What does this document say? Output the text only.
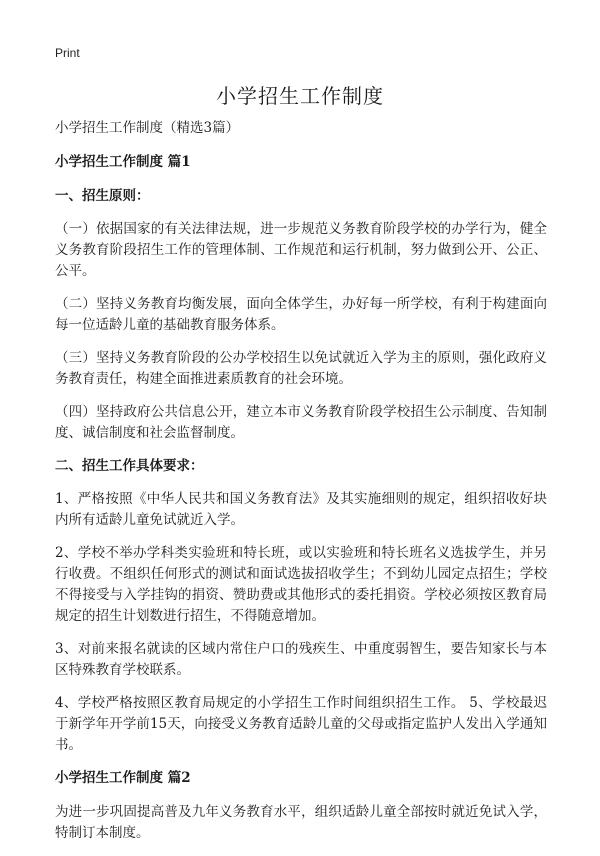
Print
小学招生工作制度

小学招生工作制度（精选3篇）

小学招生工作制度 篇1

一、招生原则：

（一）依据国家的有关法律法规，进一步规范义务教育阶段学校的办学行为，健全义务教育阶段招生工作的管理体制、工作规范和运行机制，努力做到公开、公正、公平。

（二）坚持义务教育均衡发展，面向全体学生，办好每一所学校，有利于构建面向每一位适龄儿童的基础教育服务体系。

（三）坚持义务教育阶段的公办学校招生以免试就近入学为主的原则，强化政府义务教育责任，构建全面推进素质教育的社会环境。

（四）坚持政府公共信息公开，建立本市义务教育阶段学校招生公示制度、告知制度、诚信制度和社会监督制度。

二、招生工作具体要求：

1、严格按照《中华人民共和国义务教育法》及其实施细则的规定，组织招收好块内所有适龄儿童免试就近入学。

2、学校不举办学科类实验班和特长班，或以实验班和特长班名义选拔学生，并另行收费。不组织任何形式的测试和面试选拔招收学生；不到幼儿园定点招生；学校不得接受与入学挂钩的捐资、赞助费或其他形式的委托捐资。学校必须按区教育局规定的招生计划数进行招生，不得随意增加。

3、对前来报名就读的区域内常住户口的残疾生、中重度弱智生，要告知家长与本区特殊教育学校联系。

4、学校严格按照区教育局规定的小学招生工作时间组织招生工作。 5、学校最迟于新学年开学前15天，向接受义务教育适龄儿童的父母或指定监护人发出入学通知书。

小学招生工作制度 篇2

为进一步巩固提高普及九年义务教育水平，组织适龄儿童全部按时就近免试入学，特制订本制度。
